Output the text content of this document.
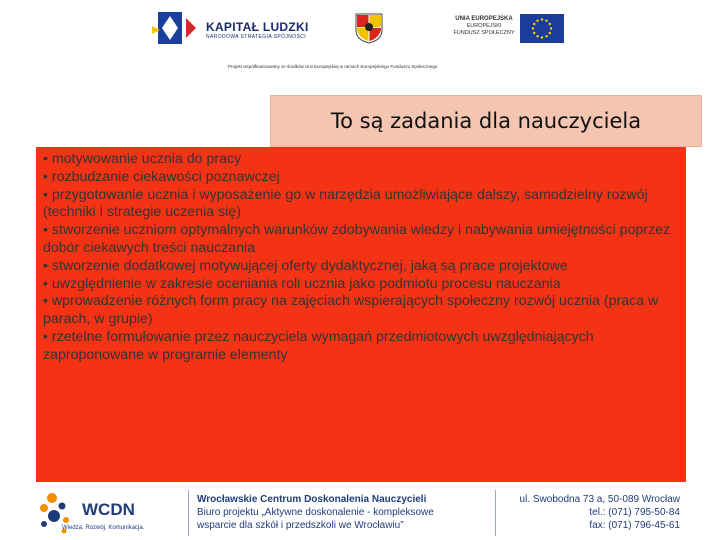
KAPITAŁ LUDZKI
NARODOWA STRATEGIA SPÓJNOŚCI
UNIA EUROPEJSKA
EUROPEJSKI
FUNDUSZ SPOŁECZNY
Projekt współfinansowany ze środków Unii Europejskiej w ramach Europejskiego Funduszu Społecznego
To są zadania dla nauczyciela
• motywowanie ucznia do pracy
• rozbudzanie ciekawości poznawczej
• przygotowanie ucznia i wyposażenie go w narzędzia umożliwiające dalszy, samodzielny rozwój (techniki i strategie uczenia się)
• stworzenie uczniom optymalnych warunków zdobywania wiedzy i nabywania umiejętności poprzez dobór ciekawych treści nauczania
• stworzenie dodatkowej motywującej oferty dydaktycznej, jaką są prace projektowe
• uwzględnienie w zakresie oceniania roli ucznia jako podmiotu procesu nauczania
• wprowadzenie różnych form pracy na zajęciach wspierających społeczny rozwój ucznia (praca w parach, w grupie)
• rzetelne formułowanie przez nauczyciela wymagań przedmiotowych uwzględniających zaproponowane w programie elementy
WCDN
Wiedza. Rozwój. Komunikacja.
Wrocławskie Centrum Doskonalenia Nauczycieli
Biuro projektu „Aktywne doskonalenie - kompleksowe
wsparcie dla szkół i przedszkoli we Wrocławiu”
ul. Swobodna 73 a, 50-089 Wrocław
tel.: (071) 795-50-84
fax: (071) 796-45-61
